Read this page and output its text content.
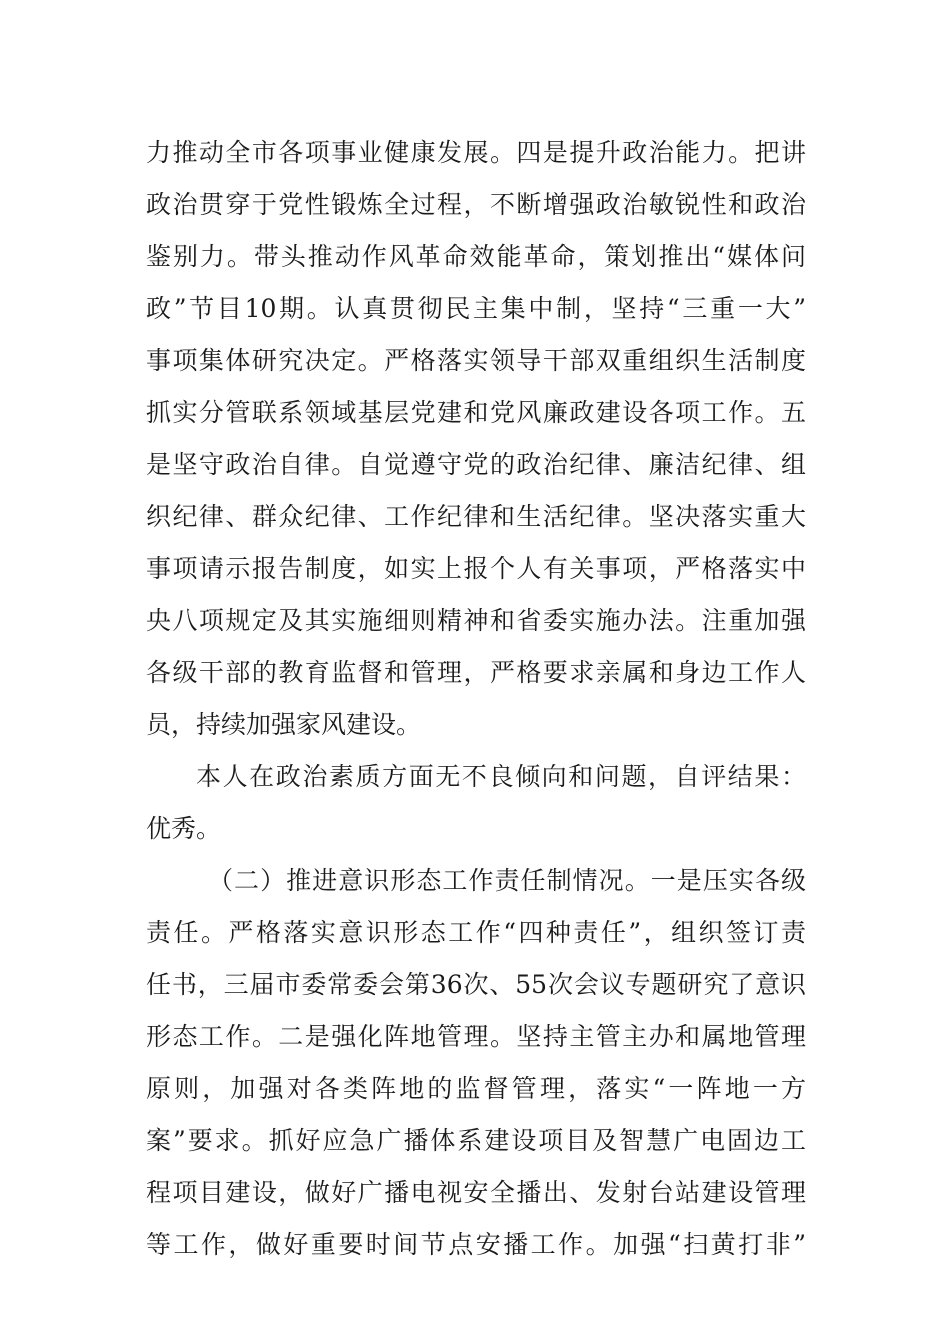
力推动全市各项事业健康发展。四是提升政治能力。把讲
政治贯穿于党性锻炼全过程，不断增强政治敏锐性和政治
鉴别力。带头推动作风革命效能革命，策划推出“媒体问
政”节目10期。认真贯彻民主集中制，坚持“三重一大”
事项集体研究决定。严格落实领导干部双重组织生活制度
抓实分管联系领域基层党建和党风廉政建设各项工作。五
是坚守政治自律。自觉遵守党的政治纪律、廉洁纪律、组
织纪律、群众纪律、工作纪律和生活纪律。坚决落实重大
事项请示报告制度，如实上报个人有关事项，严格落实中
央八项规定及其实施细则精神和省委实施办法。注重加强
各级干部的教育监督和管理，严格要求亲属和身边工作人
员，持续加强家风建设。
本人在政治素质方面无不良倾向和问题，自评结果：
优秀。
（二）推进意识形态工作责任制情况。一是压实各级
责任。严格落实意识形态工作“四种责任”，组织签订责
任书，三届市委常委会第36次、55次会议专题研究了意识
形态工作。二是强化阵地管理。坚持主管主办和属地管理
原则，加强对各类阵地的监督管理，落实“一阵地一方
案”要求。抓好应急广播体系建设项目及智慧广电固边工
程项目建设，做好广播电视安全播出、发射台站建设管理
等工作，做好重要时间节点安播工作。加强“扫黄打非”
